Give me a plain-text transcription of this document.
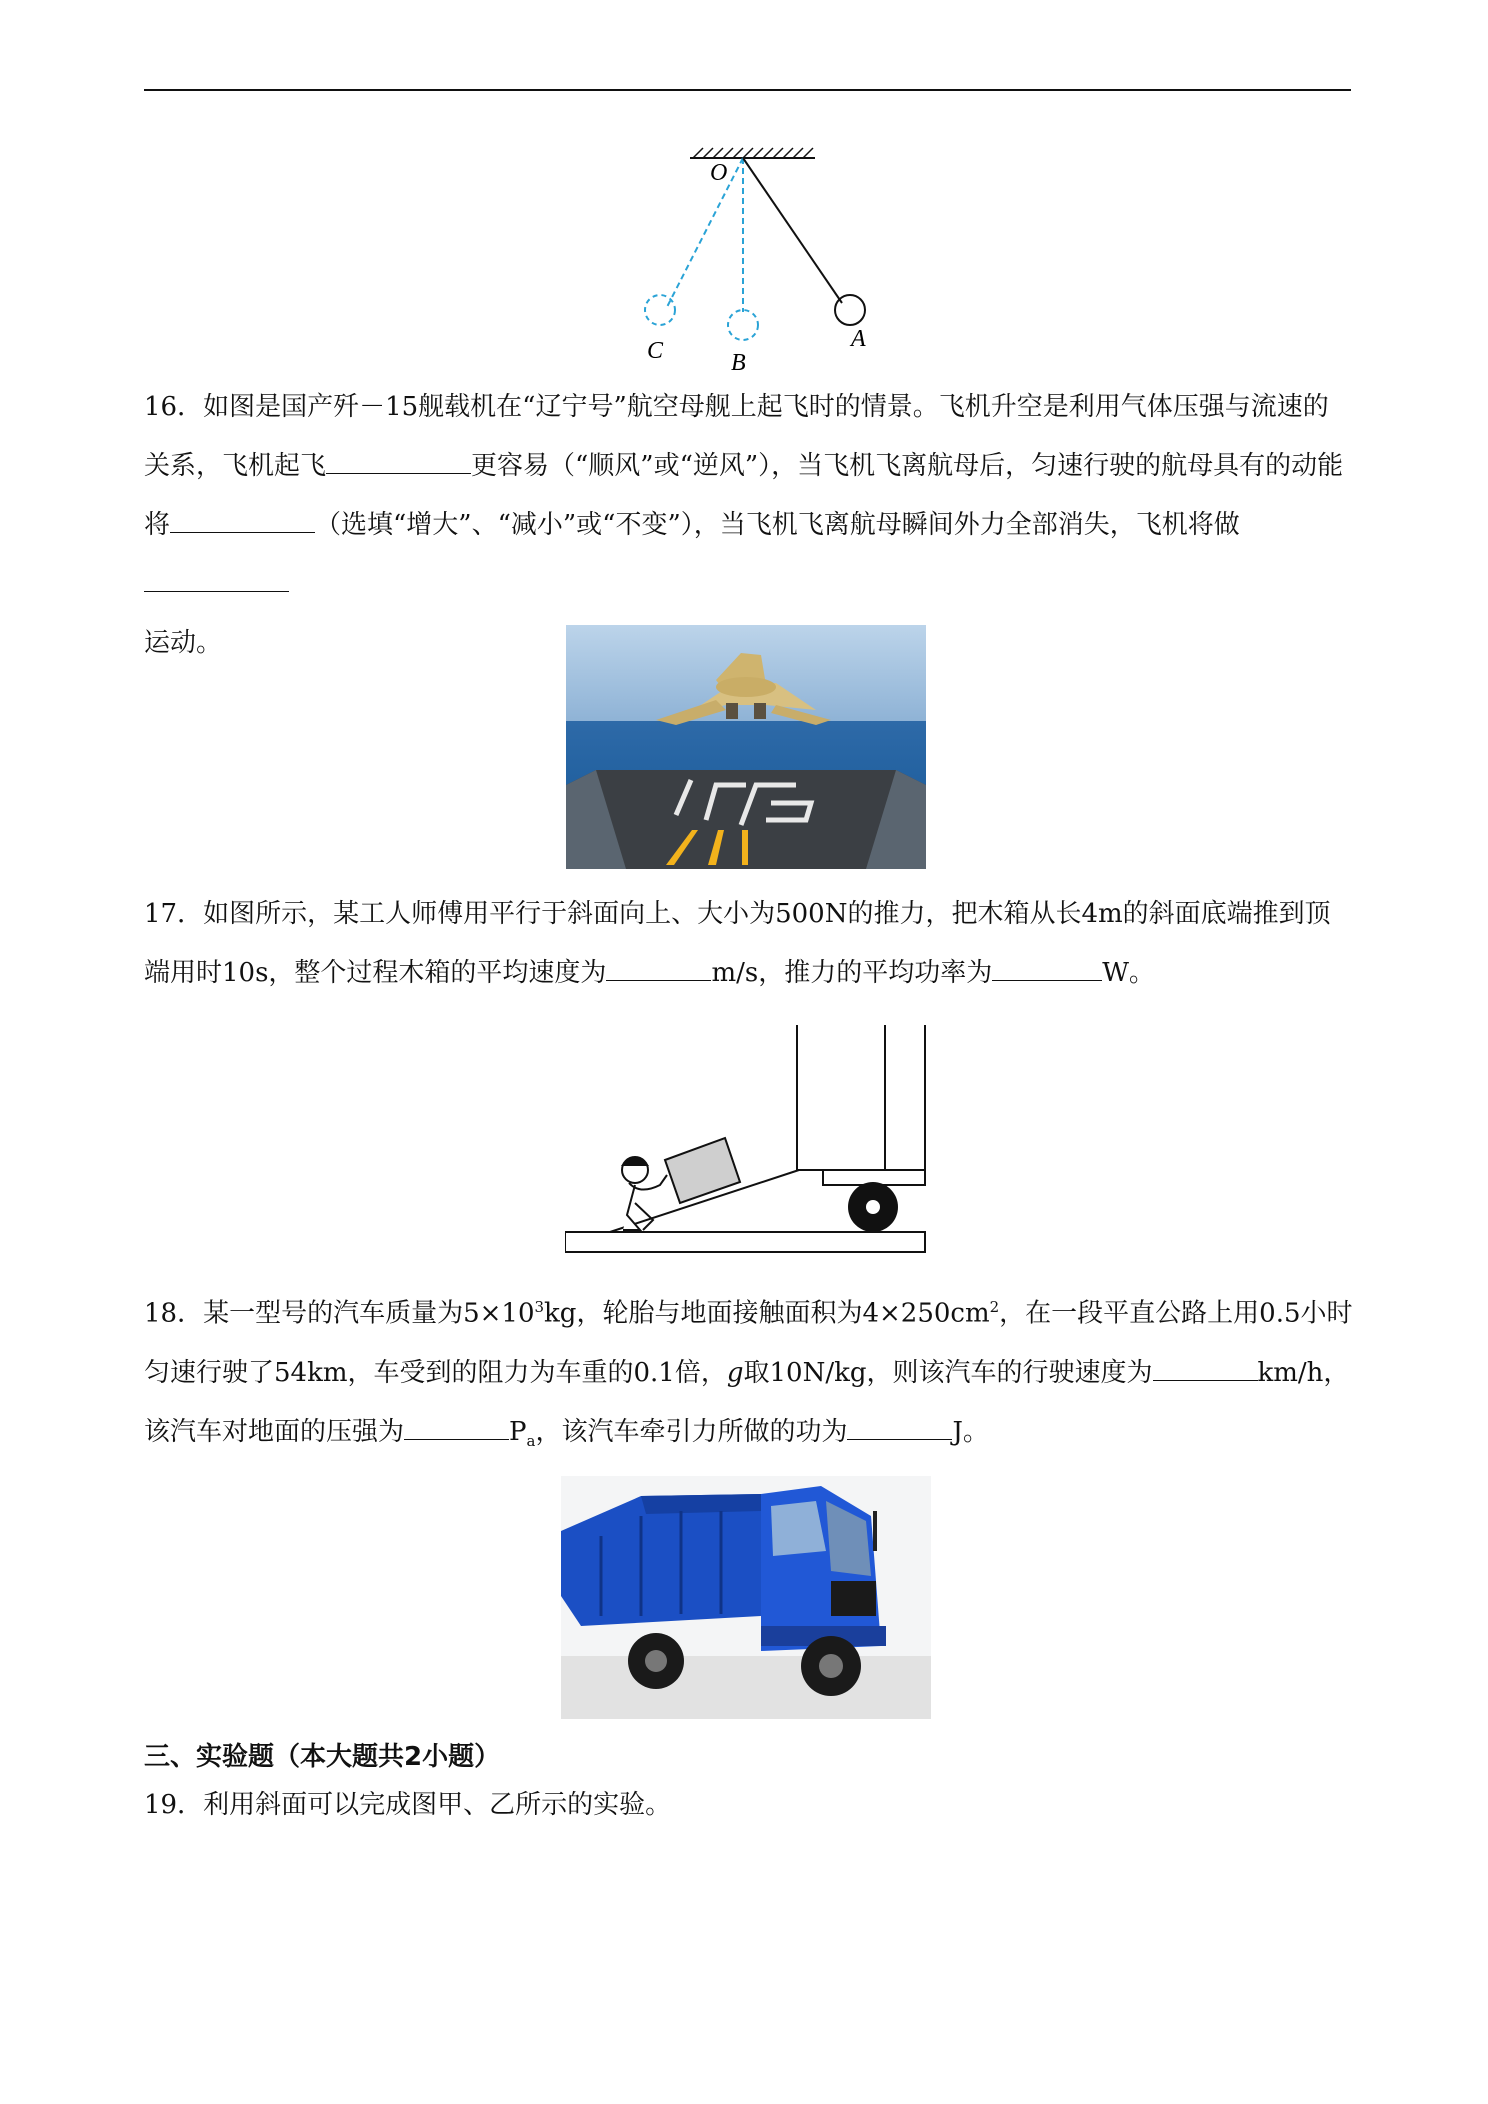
O
C	B
A
16．如图是国产歼－15舰载机在“辽宁号”航空母舰上起飞时的情景。飞机升空是利用气体压强与流速的关系，飞机起飞	更容易（“顺风”或“逆风”），当飞机飞离航母后，匀速行驶的航母具有的动能将	（选填“增大”、“减小”或“不变”），当飞机飞离航母瞬间外力全部消失，飞机将做
运动。
17．如图所示，某工人师傅用平行于斜面向上、大小为500N的推力，把木箱从长4m的斜面底端推到顶端用时10s，整个过程木箱的平均速度为	m/s，推力的平均功率为	W。
18．某一型号的汽车质量为$5\times 10^3kg$，轮胎与地面接触面积为$4\times 250cm^2$，在一段平直公路上用0.5小时匀速行驶了54km，车受到的阻力为车重的0.1倍，g取10N/kg，则该汽车的行驶速度为	km/h，该汽车对地面的压强为	$P_a$，该汽车牵引力所做的功为	J。
三、实验题（本大题共2小题）
19．利用斜面可以完成图甲、乙所示的实验。
